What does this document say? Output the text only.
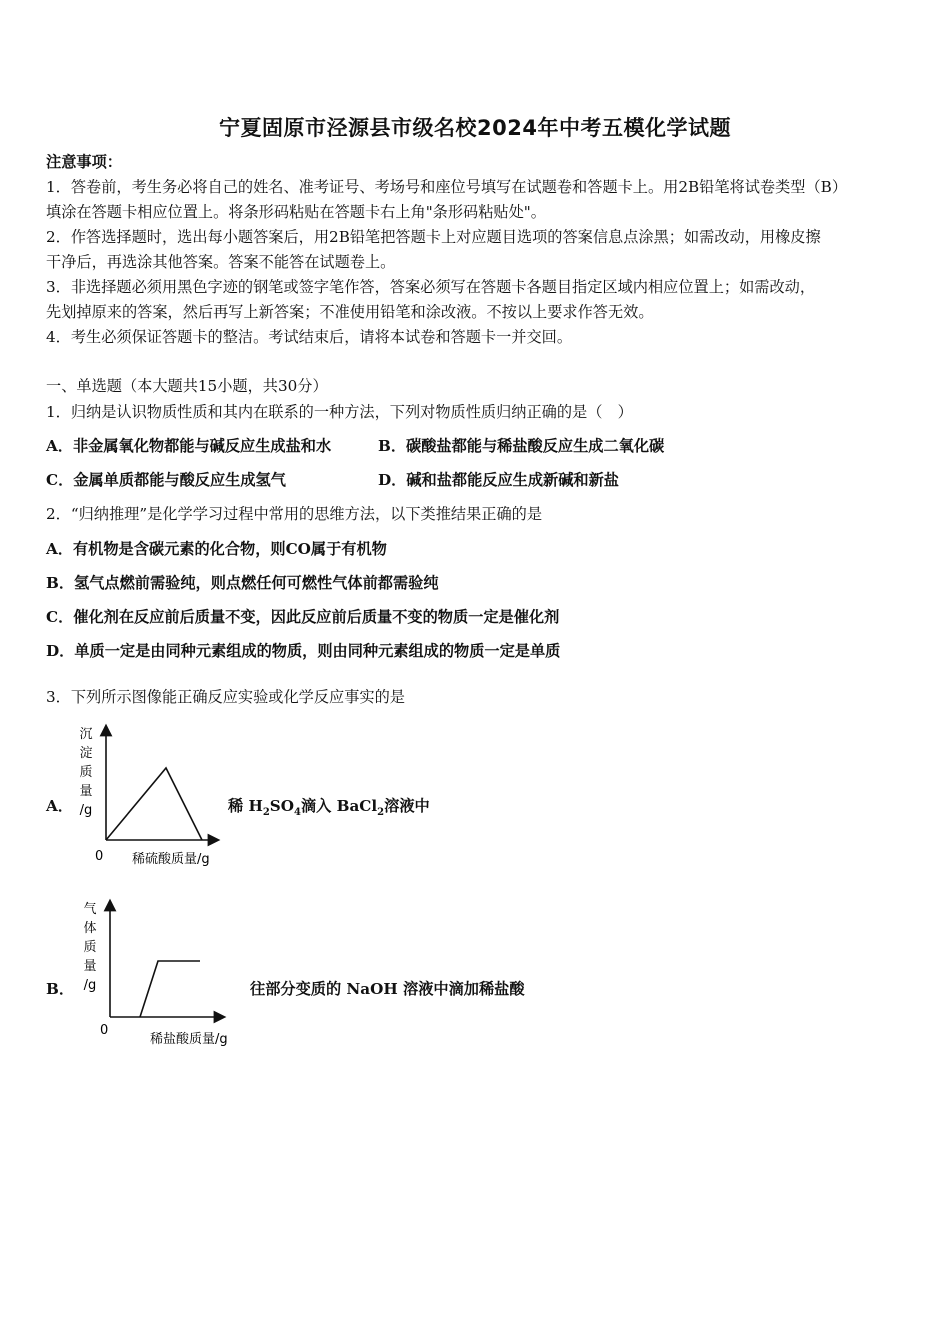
宁夏固原市泾源县市级名校2024年中考五模化学试题
注意事项：
1．答卷前，考生务必将自己的姓名、准考证号、考场号和座位号填写在试题卷和答题卡上。用2B铅笔将试卷类型（B）
填涂在答题卡相应位置上。将条形码粘贴在答题卡右上角"条形码粘贴处"。
2．作答选择题时，选出每小题答案后，用2B铅笔把答题卡上对应题目选项的答案信息点涂黑；如需改动，用橡皮擦
干净后，再选涂其他答案。答案不能答在试题卷上。
3．非选择题必须用黑色字迹的钢笔或签字笔作答，答案必须写在答题卡各题目指定区域内相应位置上；如需改动，
先划掉原来的答案，然后再写上新答案；不准使用铅笔和涂改液。不按以上要求作答无效。
4．考生必须保证答题卡的整洁。考试结束后，请将本试卷和答题卡一并交回。
一、单选题（本大题共15小题，共30分）
1．归纳是认识物质性质和其内在联系的一种方法，下列对物质性质归纳正确的是（　）
A．非金属氧化物都能与碱反应生成盐和水	B．碳酸盐都能与稀盐酸反应生成二氧化碳
C．金属单质都能与酸反应生成氢气	D．碱和盐都能反应生成新碱和新盐
2．“归纳推理”是化学学习过程中常用的思维方法，以下类推结果正确的是
A．有机物是含碳元素的化合物，则CO属于有机物
B．氢气点燃前需验纯，则点燃任何可燃性气体前都需验纯
C．催化剂在反应前后质量不变，因此反应前后质量不变的物质一定是催化剂
D．单质一定是由同种元素组成的物质，则由同种元素组成的物质一定是单质
3．下列所示图像能正确反应实验或化学反应事实的是
A．	稀 $H_2SO_4$滴入 BaCl$_2$溶液中
B．	往部分变质的 NaOH 溶液中滴加稀盐酸
沉
淀
质
量
/g
0 稀硫酸质量/g
气
体
质
量
/g
0
稀盐酸质量/g
